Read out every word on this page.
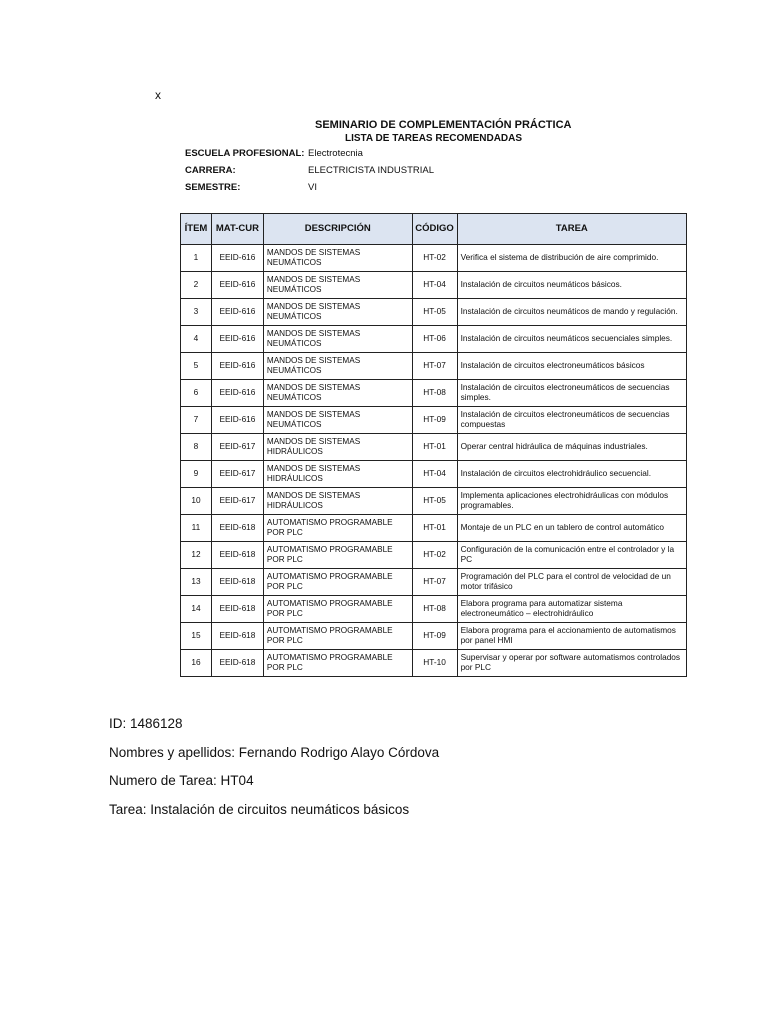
x
SEMINARIO DE COMPLEMENTACIÓN PRÁCTICA
LISTA DE TAREAS RECOMENDADAS
ESCUELA PROFESIONAL: Electrotecnia
CARRERA:	ELECTRICISTA INDUSTRIAL
SEMESTRE:	VI
ÍTEM	MAT-CUR	DESCRIPCIÓN	CÓDIGO	TAREA
1	EEID-616	MANDOS DE SISTEMAS NEUMÁTICOS	HT-02	Verifica el sistema de distribución de aire comprimido.
2	EEID-616	MANDOS DE SISTEMAS NEUMÁTICOS	HT-04	Instalación de circuitos neumáticos básicos.
3	EEID-616	MANDOS DE SISTEMAS NEUMÁTICOS	HT-05	Instalación de circuitos neumáticos de mando y regulación.
4	EEID-616	MANDOS DE SISTEMAS NEUMÁTICOS	HT-06	Instalación de circuitos neumáticos secuenciales simples.
5	EEID-616	MANDOS DE SISTEMAS NEUMÁTICOS	HT-07	Instalación de circuitos electroneumáticos básicos
6	EEID-616	MANDOS DE SISTEMAS NEUMÁTICOS	HT-08	Instalación de circuitos electroneumáticos de secuencias simples.
7	EEID-616	MANDOS DE SISTEMAS NEUMÁTICOS	HT-09	Instalación de circuitos electroneumáticos de secuencias compuestas
8	EEID-617	MANDOS DE SISTEMAS HIDRÁULICOS	HT-01	Operar central hidráulica de máquinas industriales.
9	EEID-617	MANDOS DE SISTEMAS HIDRÁULICOS	HT-04	Instalación de circuitos electrohidráulico secuencial.
10	EEID-617	MANDOS DE SISTEMAS HIDRÁULICOS	HT-05	Implementa aplicaciones electrohidráulicas con módulos programables.
11	EEID-618	AUTOMATISMO PROGRAMABLE POR PLC	HT-01	Montaje de un PLC en un tablero de control automático
12	EEID-618	AUTOMATISMO PROGRAMABLE POR PLC	HT-02	Configuración de la comunicación entre el controlador y la PC
13	EEID-618	AUTOMATISMO PROGRAMABLE POR PLC	HT-07	Programación del PLC para el control de velocidad de un motor trifásico
14	EEID-618	AUTOMATISMO PROGRAMABLE POR PLC	HT-08	Elabora programa para automatizar sistema electroneumático – electrohidráulico
15	EEID-618	AUTOMATISMO PROGRAMABLE POR PLC	HT-09	Elabora programa para el accionamiento de automatismos por panel HMI
16	EEID-618	AUTOMATISMO PROGRAMABLE POR PLC	HT-10	Supervisar y operar por software automatismos controlados por PLC
ID: 1486128
Nombres y apellidos: Fernando Rodrigo Alayo Córdova
Numero de Tarea: HT04
Tarea: Instalación de circuitos neumáticos básicos
